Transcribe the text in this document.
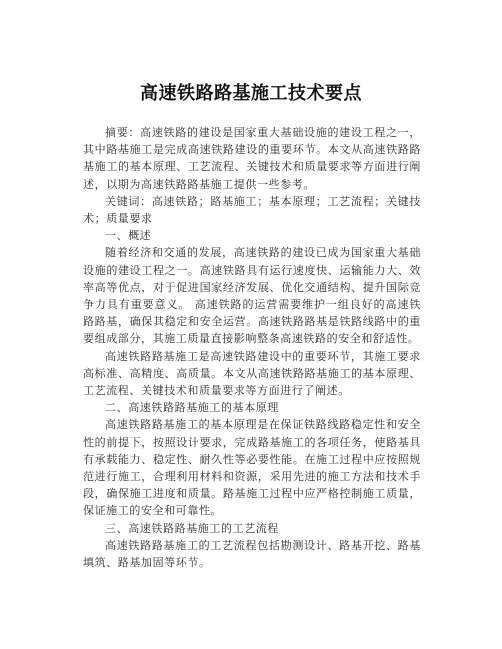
高速铁路路基施工技术要点

摘要：高速铁路的建设是国家重大基础设施的建设工程之一，其中路基施工是完成高速铁路建设的重要环节。本文从高速铁路路基施工的基本原理、工艺流程、关键技术和质量要求等方面进行阐述，以期为高速铁路路基施工提供一些参考。

关键词：高速铁路；路基施工；基本原理；工艺流程；关键技术；质量要求

一、概述

随着经济和交通的发展，高速铁路的建设已成为国家重大基础设施的建设工程之一。高速铁路具有运行速度快、运输能力大、效率高等优点，对于促进国家经济发展、优化交通结构、提升国际竞争力具有重要意义。 高速铁路的运营需要维护一组良好的高速铁路路基，确保其稳定和安全运营。高速铁路路基是铁路线路中的重要组成部分，其施工质量直接影响整条高速铁路的安全和舒适性。

高速铁路路基施工是高速铁路建设中的重要环节，其施工要求高标准、高精度、高质量。本文从高速铁路路基施工的基本原理、工艺流程、关键技术和质量要求等方面进行了阐述。

二、高速铁路路基施工的基本原理

高速铁路路基施工的基本原理是在保证铁路线路稳定性和安全性的前提下，按照设计要求，完成路基施工的各项任务，使路基具有承载能力、稳定性、耐久性等必要性能。在施工过程中应按照规范进行施工，合理利用材料和资源，采用先进的施工方法和技术手段，确保施工进度和质量。路基施工过程中应严格控制施工质量，保证施工的安全和可靠性。

三、高速铁路路基施工的工艺流程

高速铁路路基施工的工艺流程包括勘测设计、路基开挖、路基填筑、路基加固等环节。
